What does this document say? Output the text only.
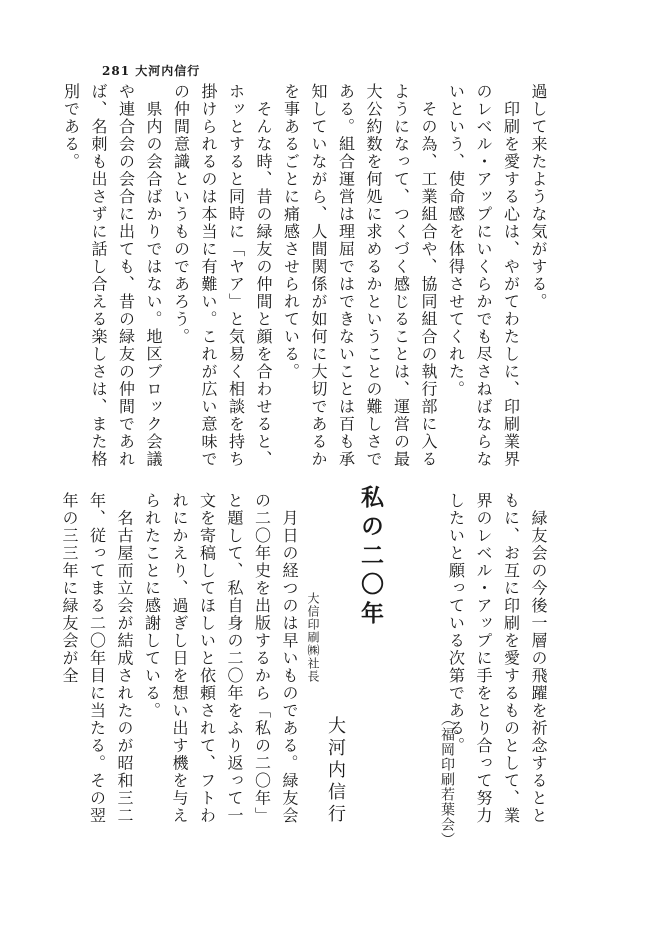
281 大河内信行

過して来たような気がする。

　印刷を愛する心は、やがてわたしに、印刷業界のレベル・アップにいくらかでも尽さねばならないという、使命感を体得させてくれた。

　その為、工業組合や、協同組合の執行部に入るようになって、つくづく感じることは、運営の最大公約数を何処に求めるかということの難しさである。組合運営は理屈ではできないことは百も承知していながら、人間関係が如何に大切であるかを事あるごとに痛感させられている。

　そんな時、昔の緑友の仲間と顔を合わせると、ホッとすると同時に「ヤア」と気易く相談を持ち掛けられるのは本当に有難い。これが広い意味での仲間意識というものであろう。

　県内の会合ばかりではない。地区ブロック会議や連合会の会合に出ても、昔の緑友の仲間であれば、名刺も出さずに話し合える楽しさは、また格別である。

　緑友会の今後一層の飛躍を祈念するとともに、お互に印刷を愛するものとして、業界のレベル・アップに手をとり合って努力したいと願っている次第である。

（福岡印刷若葉会）
私の二〇年
大信印刷㈱社長
大河内信行

　月日の経つのは早いものである。緑友会の二〇年史を出版するから「私の二〇年」と題して、私自身の二〇年をふり返って一文を寄稿してほしいと依頼されて、フトわれにかえり、過ぎし日を想い出す機を与えられたことに感謝している。

　名古屋而立会が結成されたのが昭和三二年、従ってまる二〇年目に当たる。その翌年の三三年に緑友会が全
